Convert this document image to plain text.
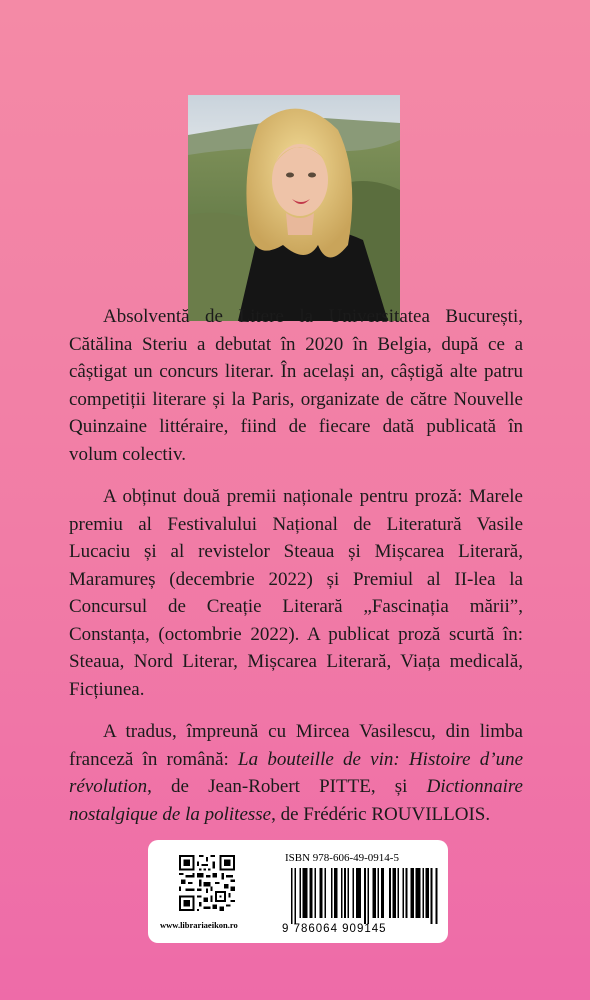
Absolventă de Litere la Universitatea București, Cătălina Steriu a debutat în 2020 în Belgia, după ce a câștigat un concurs literar. În același an, câștigă alte patru competiții literare și la Paris, organizate de către Nouvelle Quinzaine littéraire, fiind de fiecare dată publicată în volum colectiv.

A obținut două premii naționale pentru proză: Marele premiu al Festivalului Național de Literatură Vasile Lucaciu și al revistelor Steaua și Mișcarea Literară, Maramureș (decembrie 2022) și Premiul al II-lea la Concursul de Creație Literară „Fascinația mării”, Constanța, (octombrie 2022). A publicat proză scurtă în: Steaua, Nord Literar, Mișcarea Literară, Viața medicală, Ficțiunea.

A tradus, împreună cu Mircea Vasilescu, din limba franceză în română: La bouteille de vin: Histoire d’une révolution, de Jean-Robert PITTE, și Dictionnaire nostalgique de la politesse, de Frédéric ROUVILLOIS.

www.librariaeikon.ro
ISBN 978-606-49-0914-5
9 786064 909145
